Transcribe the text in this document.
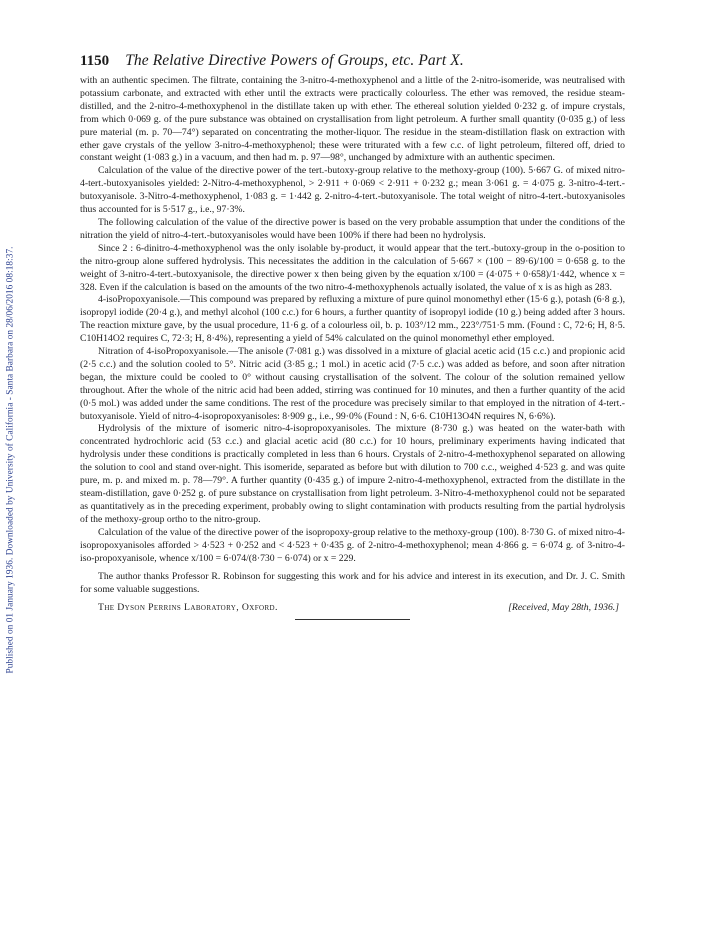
Published on 01 January 1936. Downloaded by University of California - Santa Barbara on 28/06/2016 08:18:37.
1150 The Relative Directive Powers of Groups, etc. Part X.

with an authentic specimen. The filtrate, containing the 3-nitro-4-methoxyphenol and a little of the 2-nitro-isomeride, was neutralised with potassium carbonate, and extracted with ether until the extracts were practically colourless. The ether was removed, the residue steam-distilled, and the 2-nitro-4-methoxyphenol in the distillate taken up with ether. The ethereal solution yielded 0·232 g. of impure crystals, from which 0·069 g. of the pure substance was obtained on crystallisation from light petroleum. A further small quantity (0·035 g.) of less pure material (m. p. 70—74°) separated on concentrating the mother-liquor. The residue in the steam-distillation flask on extraction with ether gave crystals of the yellow 3-nitro-4-methoxyphenol; these were triturated with a few c.c. of light petroleum, filtered off, dried to constant weight (1·083 g.) in a vacuum, and then had m. p. 97—98°, unchanged by admixture with an authentic specimen.

Calculation of the value of the directive power of the tert.-butoxy-group relative to the methoxy-group (100). 5·667 G. of mixed nitro-4-tert.-butoxyanisoles yielded: 2-Nitro-4-methoxyphenol, > 2·911 + 0·069 < 2·911 + 0·232 g.; mean 3·061 g. = 4·075 g. 3-nitro-4-tert.-butoxyanisole. 3-Nitro-4-methoxyphenol, 1·083 g. = 1·442 g. 2-nitro-4-tert.-butoxyanisole. The total weight of nitro-4-tert.-butoxyanisoles thus accounted for is 5·517 g., i.e., 97·3%.

The following calculation of the value of the directive power is based on the very probable assumption that under the conditions of the nitration the yield of nitro-4-tert.-butoxyanisoles would have been 100% if there had been no hydrolysis.

Since 2 : 6-dinitro-4-methoxyphenol was the only isolable by-product, it would appear that the tert.-butoxy-group in the o-position to the nitro-group alone suffered hydrolysis. This necessitates the addition in the calculation of 5·667 × (100 − 89·6)/100 = 0·658 g. to the weight of 3-nitro-4-tert.-butoxyanisole, the directive power x then being given by the equation x/100 = (4·075 + 0·658)/1·442, whence x = 328. Even if the calculation is based on the amounts of the two nitro-4-methoxyphenols actually isolated, the value of x is as high as 283.

4-isoPropoxyanisole.—This compound was prepared by refluxing a mixture of pure quinol monomethyl ether (15·6 g.), potash (6·8 g.), isopropyl iodide (20·4 g.), and methyl alcohol (100 c.c.) for 6 hours, a further quantity of isopropyl iodide (10 g.) being added after 3 hours. The reaction mixture gave, by the usual procedure, 11·6 g. of a colourless oil, b. p. 103°/12 mm., 223°/751·5 mm. (Found : C, 72·6; H, 8·5. C10H14O2 requires C, 72·3; H, 8·4%), representing a yield of 54% calculated on the quinol monomethyl ether employed.

Nitration of 4-isoPropoxyanisole.—The anisole (7·081 g.) was dissolved in a mixture of glacial acetic acid (15 c.c.) and propionic acid (2·5 c.c.) and the solution cooled to 5°. Nitric acid (3·85 g.; 1 mol.) in acetic acid (7·5 c.c.) was added as before, and soon after nitration began, the mixture could be cooled to 0° without causing crystallisation of the solvent. The colour of the solution remained yellow throughout. After the whole of the nitric acid had been added, stirring was continued for 10 minutes, and then a further quantity of the acid (0·5 mol.) was added under the same conditions. The rest of the procedure was precisely similar to that employed in the nitration of 4-tert.-butoxyanisole. Yield of nitro-4-isopropoxyanisoles: 8·909 g., i.e., 99·0% (Found : N, 6·6. C10H13O4N requires N, 6·6%).

Hydrolysis of the mixture of isomeric nitro-4-isopropoxyanisoles. The mixture (8·730 g.) was heated on the water-bath with concentrated hydrochloric acid (53 c.c.) and glacial acetic acid (80 c.c.) for 10 hours, preliminary experiments having indicated that hydrolysis under these conditions is practically completed in less than 6 hours. Crystals of 2-nitro-4-methoxyphenol separated on allowing the solution to cool and stand over-night. This isomeride, separated as before but with dilution to 700 c.c., weighed 4·523 g. and was quite pure, m. p. and mixed m. p. 78—79°. A further quantity (0·435 g.) of impure 2-nitro-4-methoxyphenol, extracted from the distillate in the steam-distillation, gave 0·252 g. of pure substance on crystallisation from light petroleum. 3-Nitro-4-methoxyphenol could not be separated as quantitatively as in the preceding experiment, probably owing to slight contamination with products resulting from the partial hydrolysis of the methoxy-group ortho to the nitro-group.

Calculation of the value of the directive power of the isopropoxy-group relative to the methoxy-group (100). 8·730 G. of mixed nitro-4-isopropoxyanisoles afforded > 4·523 + 0·252 and < 4·523 + 0·435 g. of 2-nitro-4-methoxyphenol; mean 4·866 g. = 6·074 g. of 3-nitro-4-iso-propoxyanisole, whence x/100 = 6·074/(8·730 − 6·074) or x = 229.

The author thanks Professor R. Robinson for suggesting this work and for his advice and interest in its execution, and Dr. J. C. Smith for some valuable suggestions.

The Dyson Perrins Laboratory, Oxford.	[Received, May 28th, 1936.]
